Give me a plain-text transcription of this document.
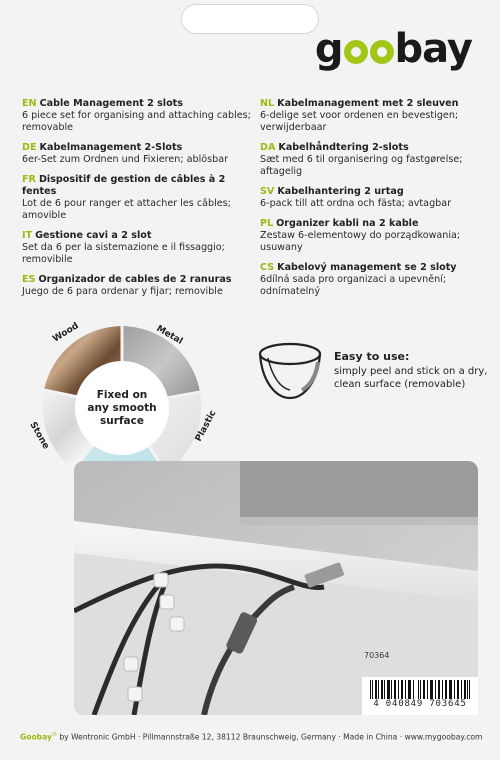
g bay
EN Cable Management 2 slots
6 piece set for organising and attaching cables; removable
DE Kabelmanagement 2-Slots
6er-Set zum Ordnen und Fixieren; ablösbar
FR Dispositif de gestion de câbles à 2 fentes
Lot de 6 pour ranger et attacher les câbles; amovible
IT Gestione cavi a 2 slot
Set da 6 per la sistemazione e il fissaggio; removibile
ES Organizador de cables de 2 ranuras
Juego de 6 para ordenar y fijar; removible
NL Kabelmanagement met 2 sleuven
6-delige set voor ordenen en bevestigen; verwijderbaar
DA Kabelhåndtering 2-slots
Sæt med 6 til organisering og fastgørelse; aftagelig
SV Kabelhantering 2 urtag
6-pack till att ordna och fästa; avtagbar
PL Organizer kabli na 2 kable
Zestaw 6-elementowy do porządkowania; usuwany
CS Kabelový management se 2 sloty
6dílná sada pro organizaci a upevnění; odnímatelný
Wood	Metal
Plastic
Stone
Fixed on
any smooth
surface
Easy to use:
simply peel and stick on a dry, clean surface (removable)
70364
4 040849 703645
Goobay® by Wentronic GmbH · Pillmannstraße 12, 38112 Braunschweig, Germany · Made in China · www.mygoobay.com
